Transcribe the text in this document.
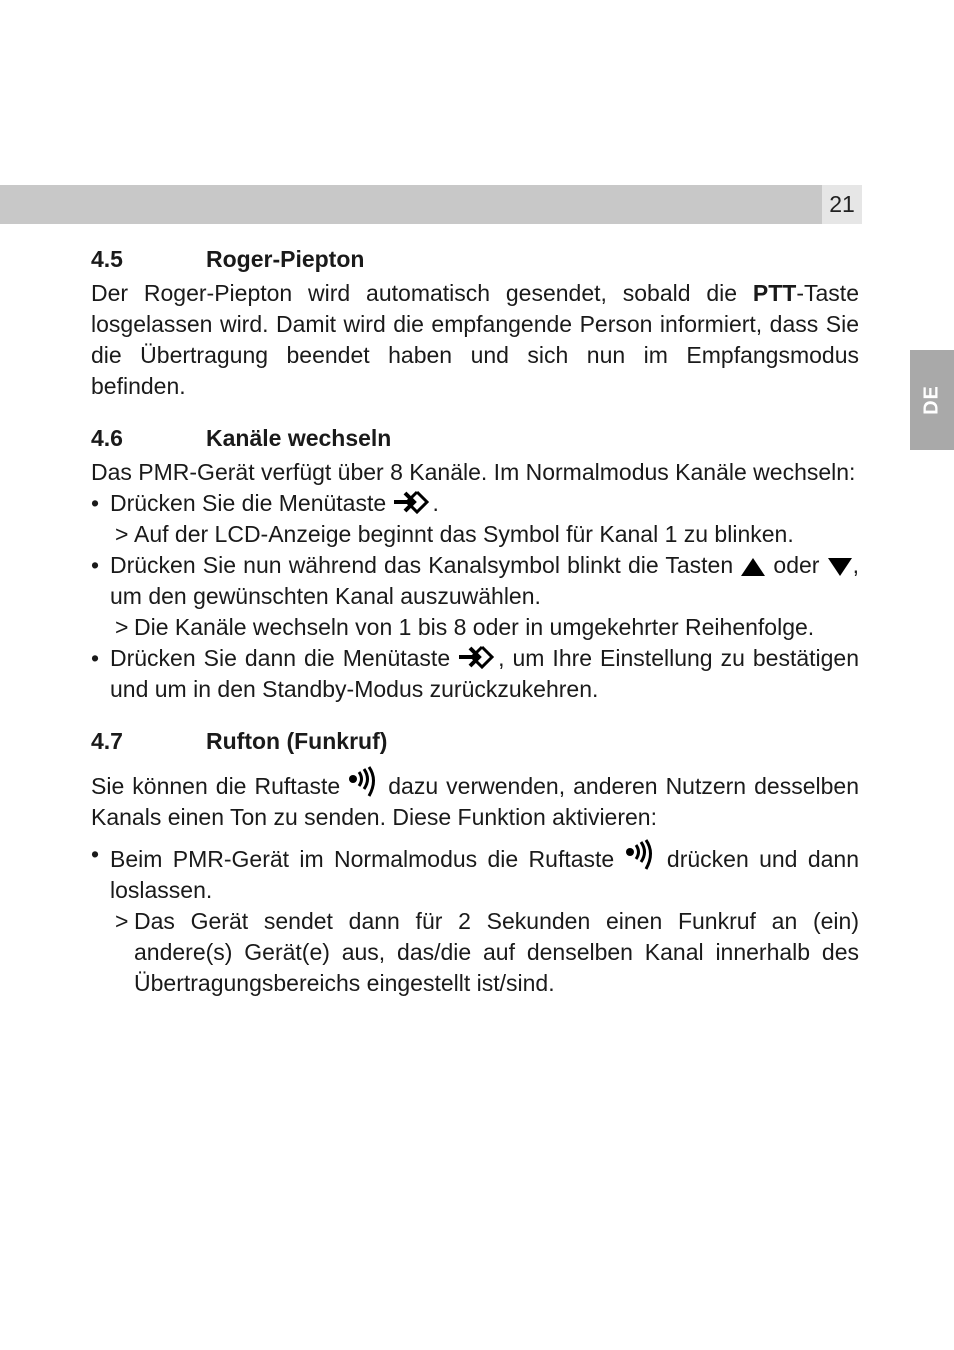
21
DE
4.5	Roger-Piepton

Der Roger-Piepton wird automatisch gesendet, sobald die PTT-Taste losgelassen wird. Damit wird die empfangende Person informiert, dass Sie die Übertragung beendet haben und sich nun im Empfangsmodus befinden.

4.6	Kanäle wechseln

Das PMR-Gerät verfügt über 8 Kanäle. Im Normalmodus Kanäle wechseln:

• Drücken Sie die Menütaste
.

> Auf der LCD-Anzeige beginnt das Symbol für Kanal 1 zu blinken.

• Drücken Sie nun während das Kanalsymbol blinkt die Tasten
oder
, um den gewünschten Kanal auszuwählen.

> Die Kanäle wechseln von 1 bis 8 oder in umgekehrter Reihenfolge.

• Drücken Sie dann die Menütaste
, um Ihre Einstellung zu bestätigen und um in den Standby-Modus zurückzukehren.

4.7	Rufton (Funkruf)

Sie können die Ruftaste
dazu verwenden, anderen Nutzern desselben Kanals einen Ton zu senden. Diese Funktion aktivieren:

• Beim PMR-Gerät im Normalmodus die Ruftaste
drücken und dann loslassen.

> Das Gerät sendet dann für 2 Sekunden einen Funkruf an (ein) andere(s) Gerät(e) aus, das/die auf denselben Kanal innerhalb des Übertragungsbereichs eingestellt ist/sind.
